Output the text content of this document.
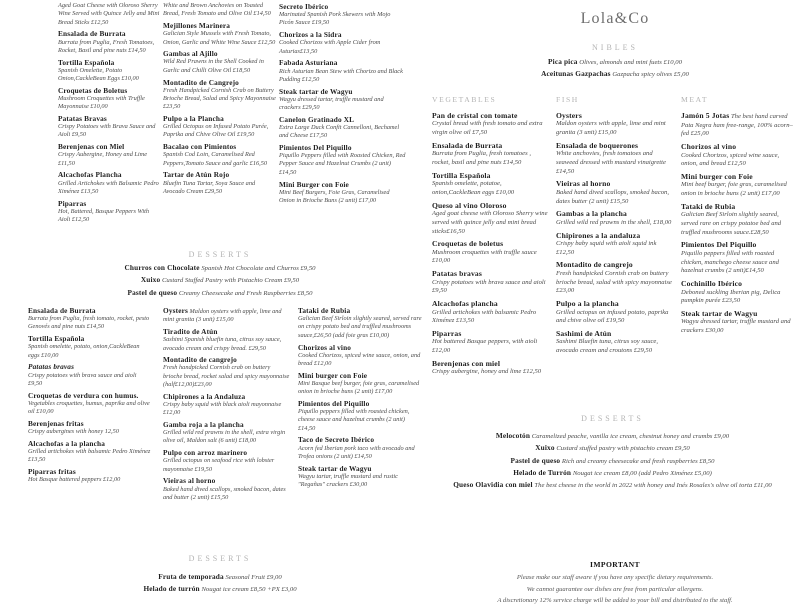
Aged Goat Cheese with Oloroso Sherry Wine Served with Quince Jelly and Mini Bread Sticks £12,50

Ensalada de Burrata
Burrata from Puglia, Fresh Tomatoes, Rocket, Basil and pine nuts £14,50

Tortilla Española
Spanish Omelette, Potato Onion,CackleBean Eggs £10,00

Croquetas de Boletus
Mushroom Croquettes with Truffle Mayonnaise £10,00

Patatas Bravas
Crispy Potatoes with Brava Sauce and Aioli £9,50

Berenjenas con Miel
Crispy Aubergine, Honey and Lime £11,50

Alcachofas Plancha
Grilled Artichokes with Balsamic Pedro Ximénez £13,50

Piparras
Hot, Battered, Basque Peppers With Aioli £12,50

White and Brown Anchovies on Toasted Bread, Fresh Tomato and Olive Oil £14,50

Mejillones Marinera
Galician Style Mussels with Fresh Tomato, Onion, Garlic and White Wine Sauce £12,50

Gambas al Ajillo
Wild Red Prawns in the Shell Cooked in Garlic and Chilli Olive Oil £18,50

Montadito de Cangrejo
Fresh Handpicked Cornish Crab on Buttery Brioche Bread, Salad and Spicy Mayonnaise £23,50

Pulpo a la Plancha
Grilled Octopus on Infused Potato Purée, Paprika and Chive Olive Oil £19,50

Bacalao con Pimientos
Spanish Cod Loin, Caramelised Red Peppers,Tomato Sauce and garlic £16,50

Tartar de Atún Rojo
Bluefin Tuna Tartar, Soya Sauce and Avocado Cream £29,50

Secreto Ibérico
Marinated Spanish Pork Skewers with Mojo Picón Sauce £19,50

Chorizos a la Sidra
Cooked Chorizos with Apple Cider from Asturias£13,50

Fabada Asturiana
Rich Asturian Bean Stew with Chorizo and Black Pudding £12,50

Steak tartar de Wagyu
Wagyu dressed tartar, truffle mustard and crackers £29,50

Canelon Gratinado XL
Extra Large Duck Confit Cannelloni, Bechamel and Cheese £17,50

Pimientos Del Piquillo
Piquillo Peppers filled with Roasted Chicken, Red Pepper Sauce and Hazelnut Crumbs (2 unit) £14,50

Mini Burger con Foie
Mini Beef Burgers, Foie Gras, Caramelised Onion in Brioche Buns (2 unit) £17,00

DESSERTS

Churros con Chocolate Spanish Hot Chocolate and Churros £9,50

Xuixo Custard Stuffed Pastry with Pistachio Cream £9,50

Pastel de queso Creamy Cheesecake and Fresh Raspberries £8,50

Ensalada de Burrata
Burrata from Puglia, fresh tomato, rocket, pesto Genovés and pine nuts £14,50

Tortilla Española
Spanish omelette, potato, onion,CackleBean eggs £10,00

Patatas bravas
Crispy potatoes with brava sauce and aioli £9,50

Croquetas de verdura con humus.
Vegetables croquettes, humus, paprika and olive oil £10,00

Berenjenas fritas
Crispy aubergines with honey 12,50

Alcachofas a la plancha
Grilled artichokes with balsamic Pedro Ximénez £13,50

Piparras fritas
Hot Basque battered peppers £12,00

Oysters Maldon oysters with apple, lime and mint granita (3 unit) £15,00

Tiradito de Atún
Sashimi Spanish bluefin tuna, citrus soy sauce, avocado cream and crispy bread. £29,50

Montadito de cangrejo
Fresh handpicked Cornish crab on buttery brioche bread, rocket salad and spicy mayonnaise (half£12,00)£23,00

Chipirones a la Andaluza
Crispy baby squid with black aioli mayonnaise £12,00

Gamba roja a la plancha
Grilled wild red prawns in the shell, extra virgin olive oil, Maldon salt (6 unit) £18,00

Pulpo con arroz marinero
Grilled octopus on seafood rice with lobster mayonnaise £19,50

Vieiras al horno
Baked hand dived scallops, smoked bacon, dates and butter (2 unit) £15,50

Tataki de Rubia
Galician Beef Sirloin slightly seared, served rare on crispy potato bed and truffled mushrooms sauce,£26,50 (add foie gras £10,00)

Chorizos al vino
Cooked Chorizos, spiced wine sauce, onion, and bread £12,00

Mini burger con Foie
Mini Basque beef burger, foie gras, caramelised onion in brioche buns (2 unit) £17,00

Pimientos del Piquillo
Piquillo peppers filled with roasted chicken, cheese sauce and hazelnut crumbs (2 unit) £14,50

Taco de Secreto Ibérico
Acorn fed Iberian pork taco with avocado and Trofea onions (2 unit) £14,50

Steak tartar de Wagyu
Wagyu tartar, truffle mustard and rustic "Regañas" crackers £30,00

DESSERTS

Fruta de temporada Seasonal Fruit £9,00

Helado de turrón Nougat ice cream £8,50 +PX £3,00

Lola&Co

NIBLES

Pica pica Olives, almonds and mini fuets £10,00

Aceitunas Gazpachas Gazpacha spicy olives £5,00

VEGETABLES

Pan de cristal con tomate
Crystal bread with fresh tomato and extra virgin olive oil £7,50

Ensalada de Burrata
Burrata from Puglia, fresh tomatoes , rocket, basil and pine nuts £14,50

Tortilla Española
Spanish omelette, potatoe, onion,CackleBean eggs £10,00

Queso al vino Oloroso
Aged goat cheese with Oloroso Sherry wine served with quince jelly and mini bread sticks£16,50

Croquetas de boletus
Mushroom croquettes with truffle sauce £10,00

Patatas bravas
Crispy potatoes with brava sauce and aioli £9,50

Alcachofas plancha
Grilled artichokes with balsamic Pedro Ximénez £13,50

Piparras
Hot battered Basque peppers, with aioli £12,00

Berenjenas con miel
Crispy aubergine, honey and lime £12,50

FISH

Oysters
Maldon oysters with apple, lime and mint granita (3 unit) £15,00

Ensalada de boquerones
White anchovies, fresh tomatoes and seaweed dressed with mustard vinaigrette £14,50

Vieiras al horno
Baked hand dived scallops, smoked bacon, dates butter (2 unit) £15,50

Gambas a la plancha
Grilled wild red prawns in the shell, £18,00

Chipirones a la andaluza
Crispy baby squid with aioli squid ink £12,50

Montadito de cangrejo
Fresh handpicked Cornish crab on buttery brioche bread, salad with spicy mayonnaise £23,00

Pulpo a la plancha
Grilled octopus on infused potato, paprika and chive olive oil £19,50

Sashimi de Atún
Sashimi Bluefin tuna, citrus soy sauce, avocado cream and croutons £29,50

MEAT

Jamón 5 Jotas The best hand carved Pata Negra ham free-range, 100% acorn–fed £25,00

Chorizos al vino
Cooked Chorizos, spiced wine sauce, onion, and bread £12,50

Mini burger con Foie
Mini beef burger, foie gras, caramelised onion in brioche buns (2 unit) £17,00

Tataki de Rubia
Galician Beef Sirloin slightly seared, served rare on crispy potatoe bed and truffled mushrooms sauce.£28,50

Pimientos Del Piquillo
Piquillo peppers filled with roasted chicken, manchego cheese sauce and hazelnut crumbs (2 unit)£14,50

Cochinillo Ibérico
Deboned suckling Iberian pig, Delica pumpkin purée £23,50

Steak tartar de Wagyu
Wagyu dressed tartar, truffle mustard and crackers £30,00

DESSERTS

Melocotón Caramelized peache, vanilla ice cream, chestnut honey and crumbs £9,00

Xuixo Custard stuffed pastry with pistachio cream £9,50

Pastel de queso Rich and creamy cheesecake and fresh raspberries £8,50

Helado de Turrón Nougat ice cream £8,00 (add Pedro Ximénez £5,00)

Queso Olavidia con miel The best cheese in the world in 2022 with honey and Inés Rosales's olive oil torta £11,00

IMPORTANT

Please make our staff aware if you have any specific dietary requirements.

We cannot guarantee our dishes are free from particular allergens.

A discretionary 12% service charge will be added to your bill and distributed to the staff.
